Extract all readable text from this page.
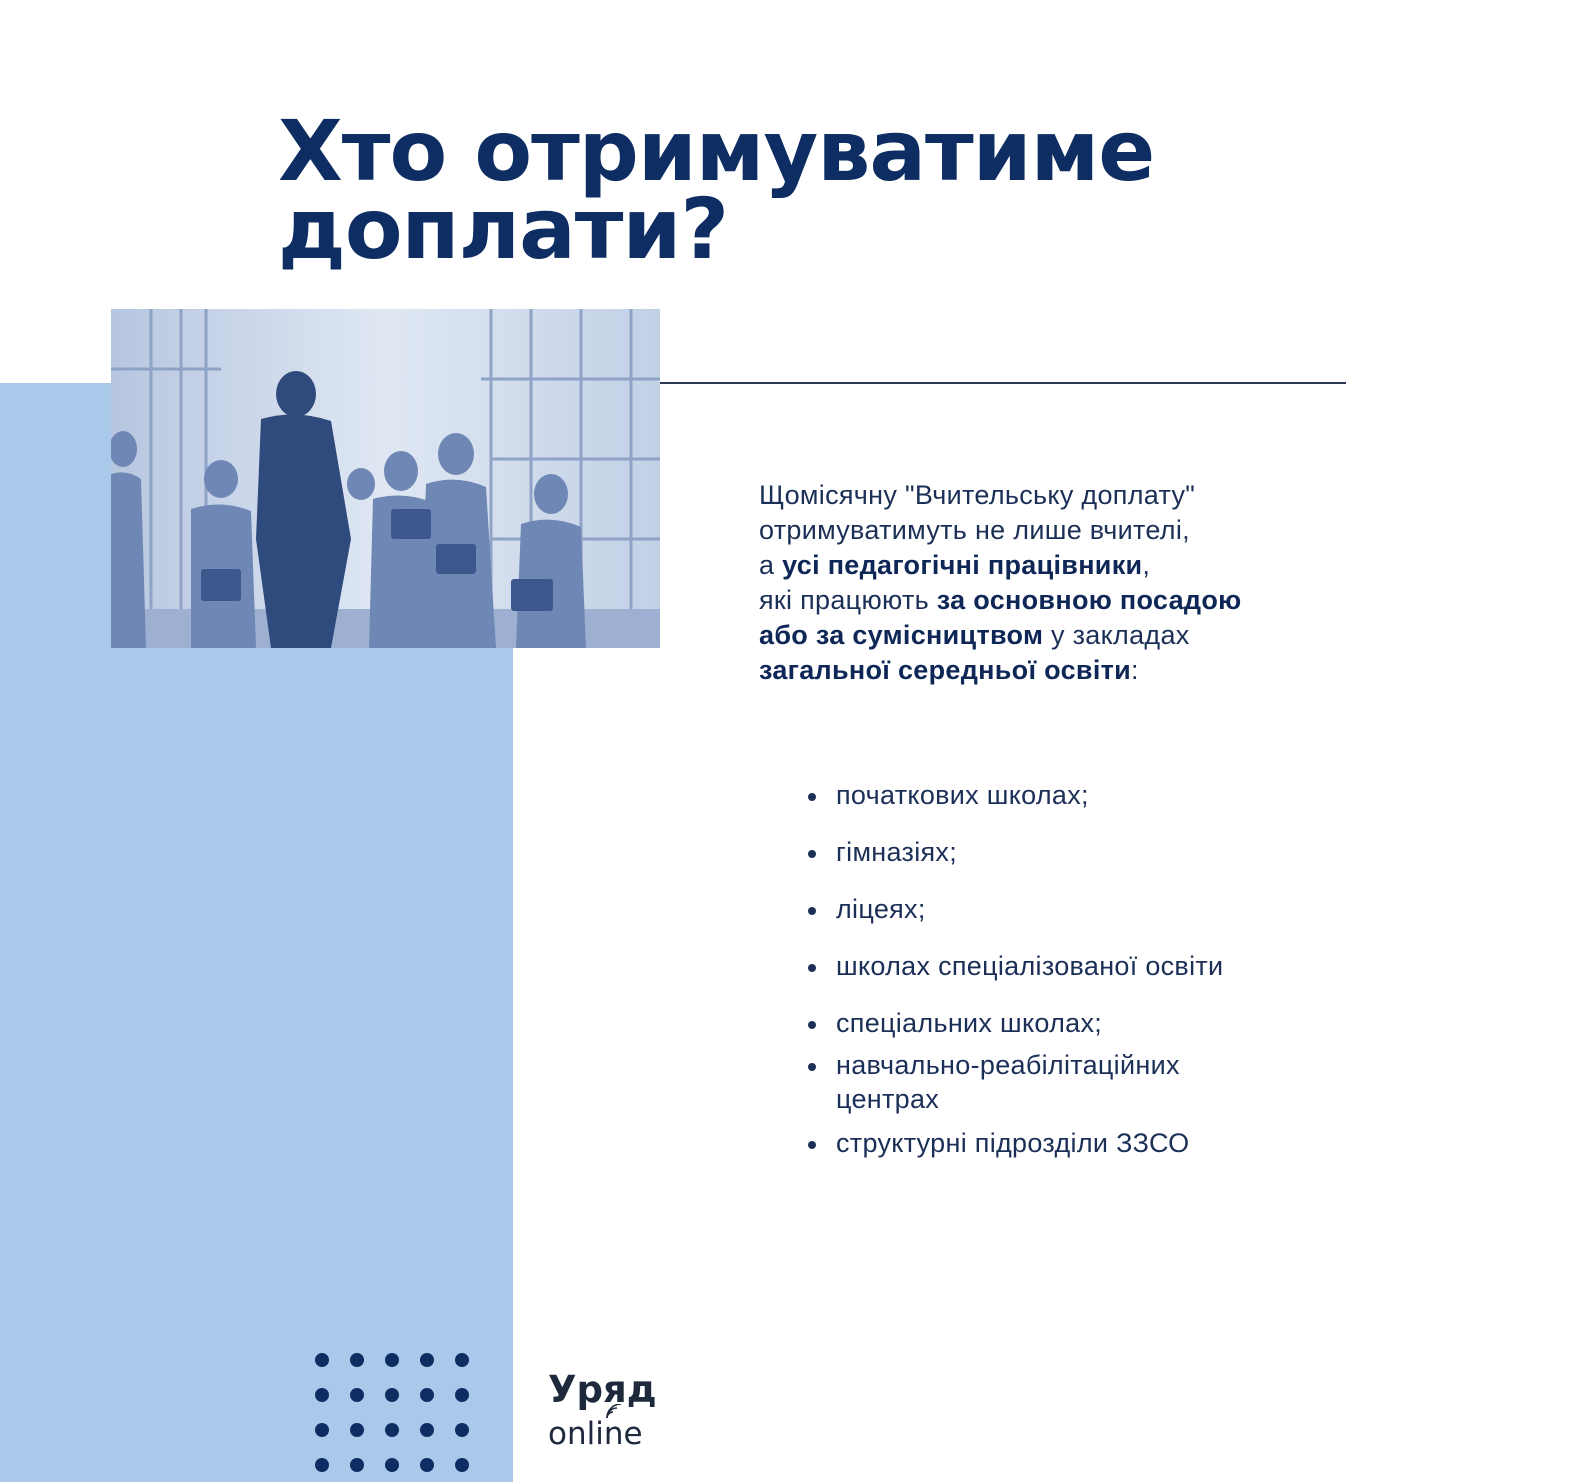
Хто отримуватиме
доплати?
Щомісячну "Вчительську доплату"
отримуватимуть не лише вчителі,
а усі педагогічні працівники,
які працюють за основною посадою
або за сумісництвом у закладах
загальної середньої освіти:
початкових школах;
гімназіях;
ліцеях;
школах спеціалізованої освіти
спеціальних школах;
навчально-реабілітаційних центрах
структурні підрозділи ЗЗСО
Уряд
online
